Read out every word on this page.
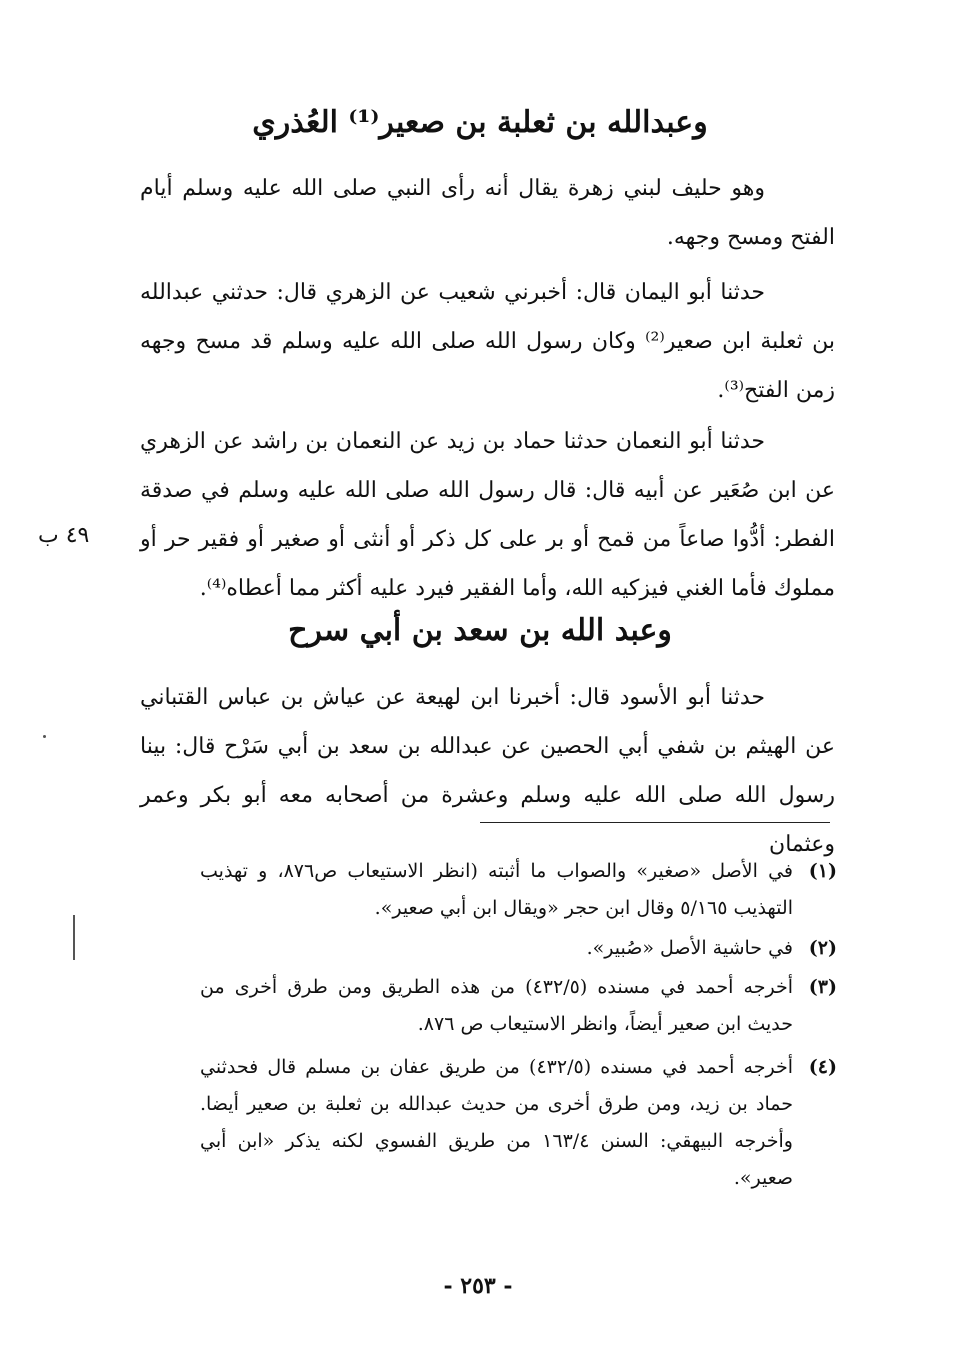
وعبدالله بن ثعلبة بن صعير⁽¹⁾ العُذري

وهو حليف لبني زهرة يقال أنه رأى النبي صلى الله عليه وسلم أيام الفتح ومسح وجهه.

حدثنا أبو اليمان قال: أخبرني شعيب عن الزهري قال: حدثني عبدالله بن ثعلبة ابن صعير⁽²⁾ وكان رسول الله صلى الله عليه وسلم قد مسح وجهه زمن الفتح⁽³⁾.

حدثنا أبو النعمان حدثنا حماد بن زيد عن النعمان بن راشد عن الزهري عن ابن صُعَير عن أبيه قال: قال رسول الله صلى الله عليه وسلم في صدقة الفطر: أدُّوا صاعاً من قمح أو بر على كل ذكر أو أنثى أو صغير أو فقير حر أو مملوك فأما الغني فيزكيه الله، وأما الفقير فيرد عليه أكثر مما أعطاه⁽⁴⁾.

٤٩ ب
وعبد الله بن سعد بن أبي سرح

حدثنا أبو الأسود قال: أخبرنا ابن لهيعة عن عياش بن عباس القتباني عن الهيثم بن شفي أبي الحصين عن عبدالله بن سعد بن أبي سَرْح قال: بينا رسول الله صلى الله عليه وسلم وعشرة من أصحابه معه أبو بكر وعمر وعثمان

(١)
في الأصل «صغير» والصواب ما أثبته (انظر الاستيعاب ص٨٧٦، و تهذيب التهذيب ٥/١٦٥ وقال ابن حجر «ويقال ابن أبي صعير».
(٢)
في حاشية الأصل «صُبير».
(٣)
أخرجه أحمد في مسنده (٤٣٢/٥) من هذه الطريق ومن طرق أخرى من حديث ابن صعير أيضاً، وانظر الاستيعاب ص ٨٧٦.
(٤)
أخرجه أحمد في مسنده (٤٣٢/٥) من طريق عفان بن مسلم قال فحدثني حماد بن زيد، ومن طرق أخرى من حديث عبدالله بن ثعلبة بن صعير أيضا. وأخرجه البيهقي: السنن ١٦٣/٤ من طريق الفسوي لكنه يذكر «ابن أبي صعير».
- ٢٥٣ -
